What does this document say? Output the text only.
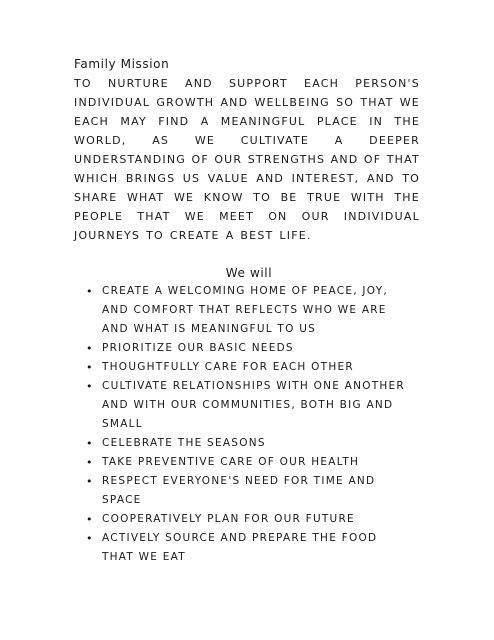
Family Mission
TO NURTURE AND SUPPORT EACH PERSON'S
INDIVIDUAL GROWTH AND WELLBEING SO THAT WE
EACH MAY FIND A MEANINGFUL PLACE IN THE
WORLD, AS WE CULTIVATE A DEEPER
UNDERSTANDING OF OUR STRENGTHS AND OF THAT
WHICH BRINGS US VALUE AND INTEREST, AND TO
SHARE WHAT WE KNOW TO BE TRUE WITH THE
PEOPLE THAT WE MEET ON OUR INDIVIDUAL
JOURNEYS TO CREATE A BEST LIFE.
We will
• CREATE A WELCOMING HOME OF PEACE, JOY,
AND COMFORT THAT REFLECTS WHO WE ARE
AND WHAT IS MEANINGFUL TO US
• PRIORITIZE OUR BASIC NEEDS
• THOUGHTFULLY CARE FOR EACH OTHER
• CULTIVATE RELATIONSHIPS WITH ONE ANOTHER
AND WITH OUR COMMUNITIES, BOTH BIG AND
SMALL
• CELEBRATE THE SEASONS
• TAKE PREVENTIVE CARE OF OUR HEALTH
• RESPECT EVERYONE'S NEED FOR TIME AND
SPACE
• COOPERATIVELY PLAN FOR OUR FUTURE
• ACTIVELY SOURCE AND PREPARE THE FOOD
THAT WE EAT
